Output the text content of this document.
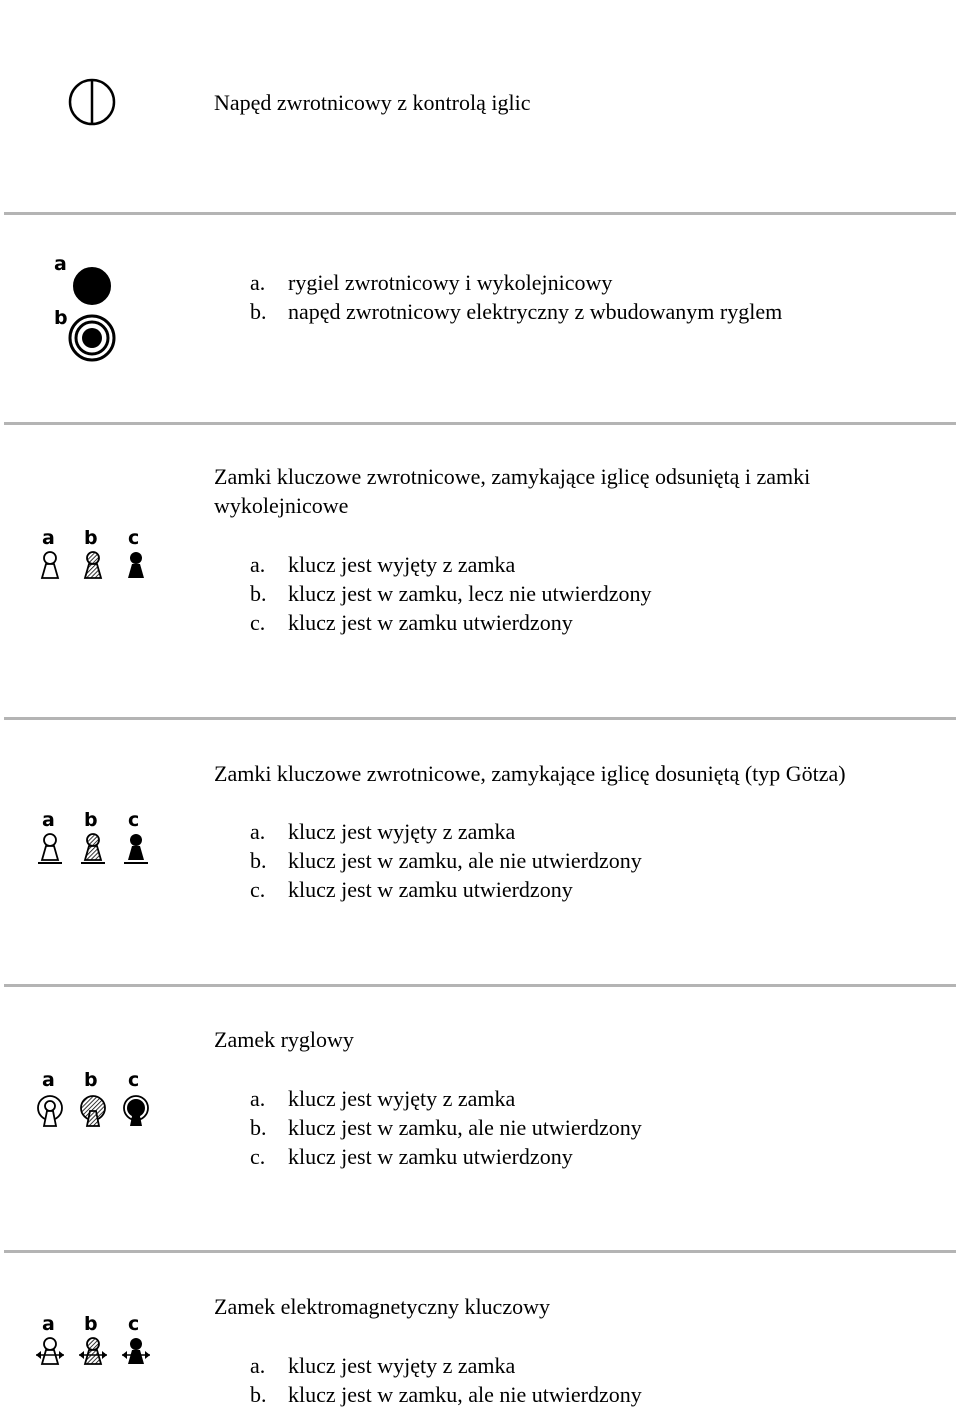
Napęd zwrotnicowy z kontrolą iglic
a
b
a. rygiel zwrotnicowy i wykolejnicowy
b. napęd zwrotnicowy elektryczny z wbudowanym ryglem
Zamki kluczowe zwrotnicowe, zamykające iglicę odsuniętą i zamki
wykolejnicowe
a b c
a. klucz jest wyjęty z zamka
b. klucz jest w zamku, lecz nie utwierdzony
c. klucz jest w zamku utwierdzony
Zamki kluczowe zwrotnicowe, zamykające iglicę dosuniętą (typ Götza)
a b c	a. klucz jest wyjęty z zamka
b. klucz jest w zamku, ale nie utwierdzony
c. klucz jest w zamku utwierdzony
Zamek ryglowy
a b c
a. klucz jest wyjęty z zamka
b. klucz jest w zamku, ale nie utwierdzony
c. klucz jest w zamku utwierdzony
Zamek elektromagnetyczny kluczowy
a b c
a. klucz jest wyjęty z zamka
b. klucz jest w zamku, ale nie utwierdzony
